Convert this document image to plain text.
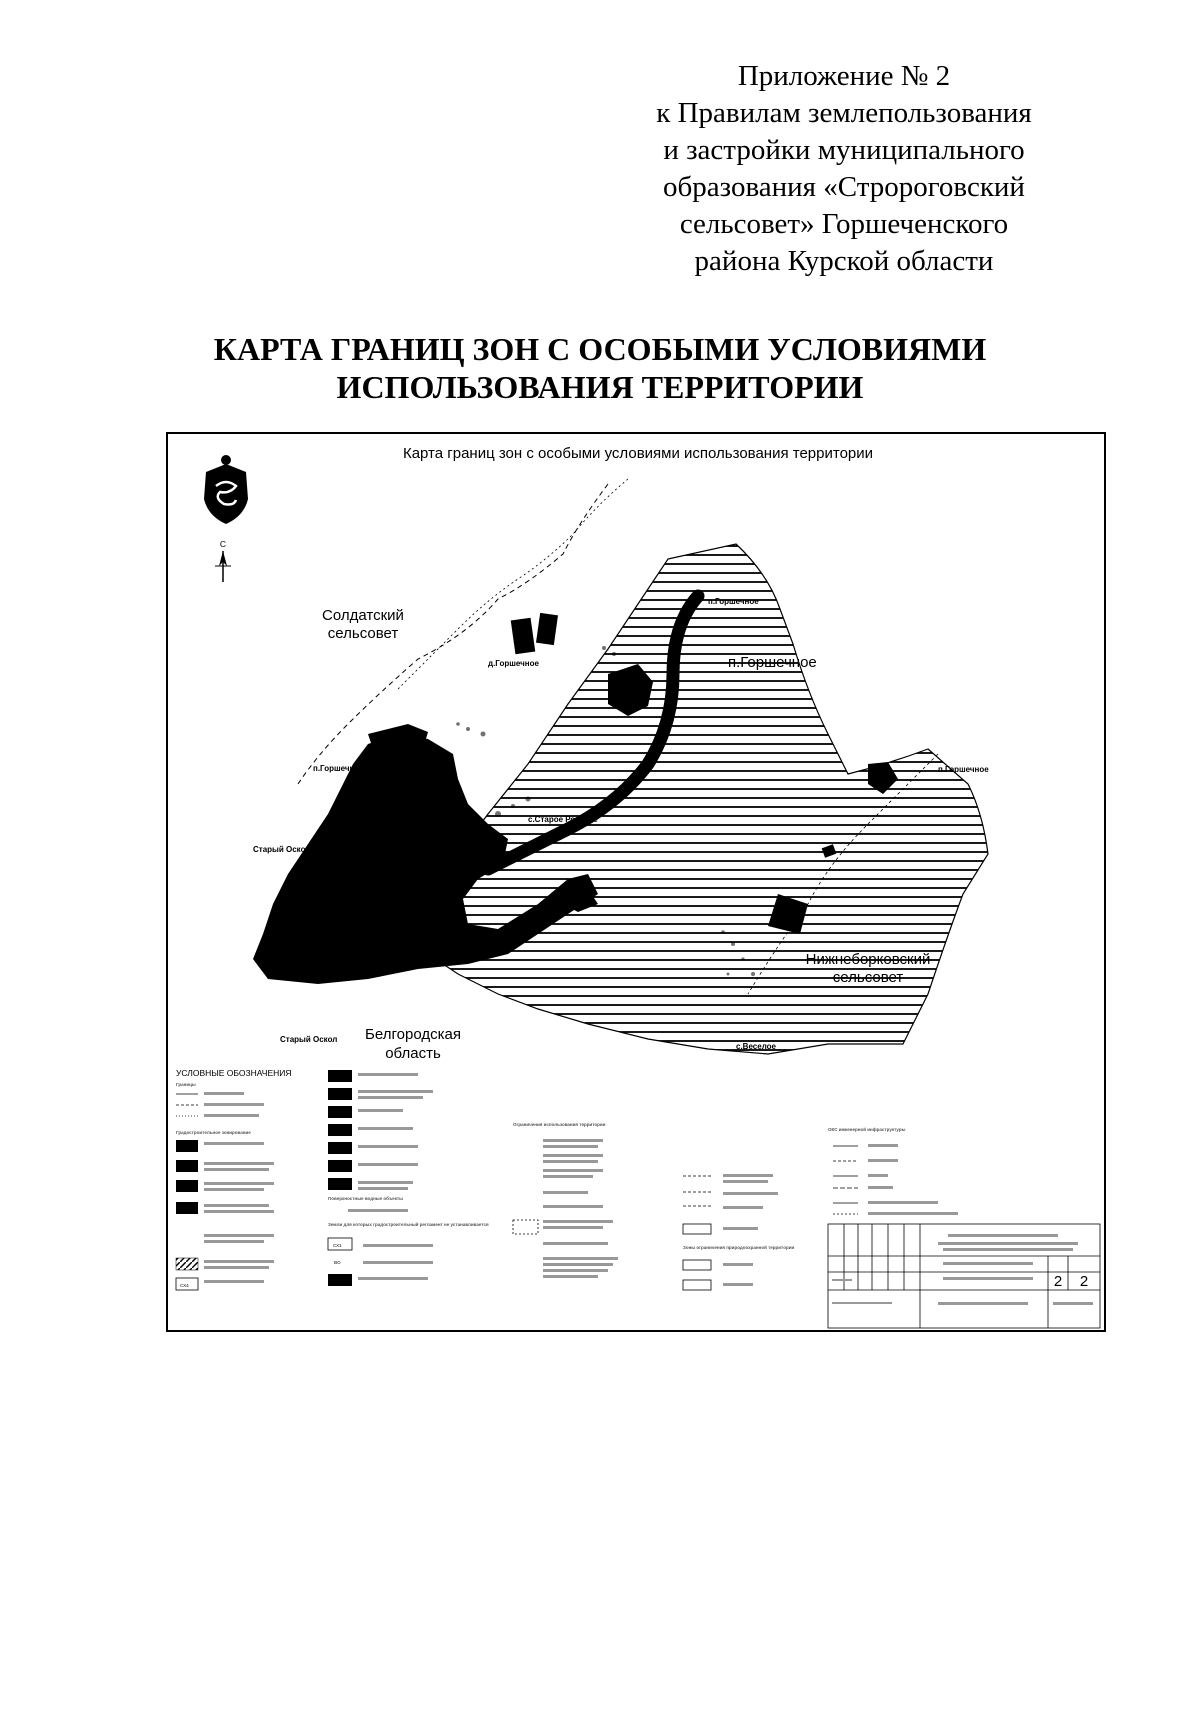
Приложение № 2
к Правилам землепользования
и застройки муниципального
образования «Стророговский
сельсовет» Горшеченского
района Курской области
КАРТА ГРАНИЦ ЗОН С ОСОБЫМИ УСЛОВИЯМИ
ИСПОЛЬЗОВАНИЯ ТЕРРИТОРИИ
Карта границ зон с особыми условиями использования территории
С
Солдатский
сельсовет
Нижнеборковский
сельсовет
Белгородская
область
п.Горшечное
п.Горшечное
п.Горшечное
д.Горшечное
п.Горшечное
Старый Оскол
Старый Оскол
с.Старое Роговое
с.Веселое
УСЛОВНЫЕ ОБОЗНАЧЕНИЯ
Границы
Градостроительное зонирование
СХ4
Поверхностные водные объекты
Земли для которых градостроительный регламент не устанавливается
СХ1
ВО
Ограничения использования территории
Зоны ограничения природоохранной территории
ОКС инженерной инфраструктуры
2 2
